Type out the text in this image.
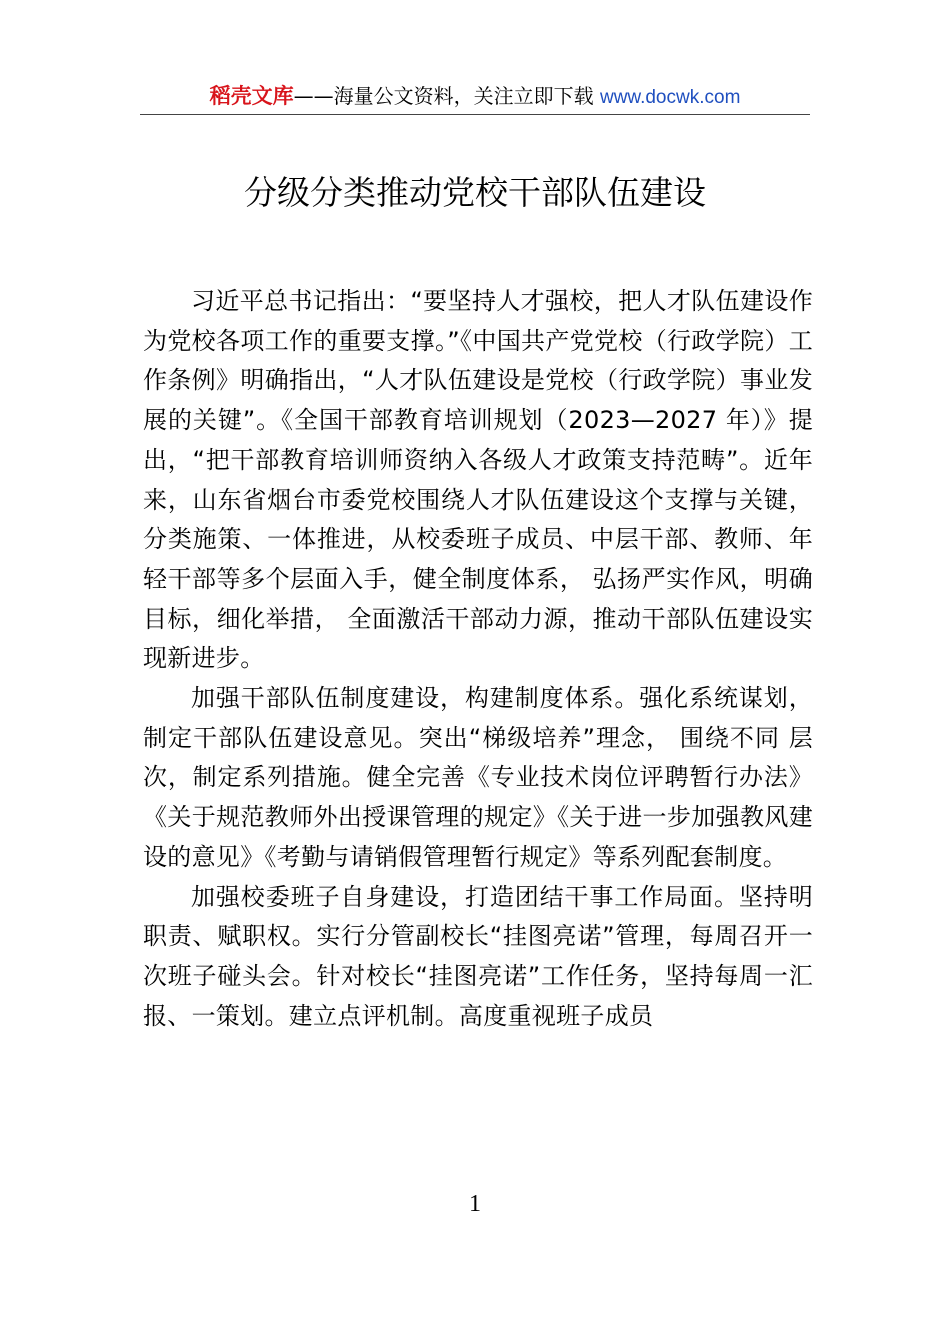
稻壳文库——海量公文资料，关注立即下载 www.docwk.com
分级分类推动党校干部队伍建设

习近平总书记指出：“要坚持人才强校，把人才队伍建设作为党校各项工作的重要支撑。”《中国共产党党校（行政学院）工作条例》明确指出，“人才队伍建设是党校（行政学院）事业发展的关键”。《全国干部教育培训规划（2023—2027 年）》提出，“把干部教育培训师资纳入各级人才政策支持范畴”。近年来，山东省烟台市委党校围绕人才队伍建设这个支撑与关键，分类施策、一体推进，从校委班子成员、中层干部、教师、年轻干部等多个层面入手，健全制度体系， 弘扬严实作风，明确目标，细化举措， 全面激活干部动力源，推动干部队伍建设实现新进步。

加强干部队伍制度建设，构建制度体系。强化系统谋划，制定干部队伍建设意见。突出“梯级培养”理念， 围绕不同 层次，制定系列措施。健全完善《专业技术岗位评聘暂行办法》《关于规范教师外出授课管理的规定》《关于进一步加强教风建设的意见》《考勤与请销假管理暂行规定》等系列配套制度。

加强校委班子自身建设，打造团结干事工作局面。坚持明职责、赋职权。实行分管副校长“挂图亮诺”管理，每周召开一次班子碰头会。针对校长“挂图亮诺”工作任务，坚持每周一汇报、一策划。建立点评机制。高度重视班子成员

1
